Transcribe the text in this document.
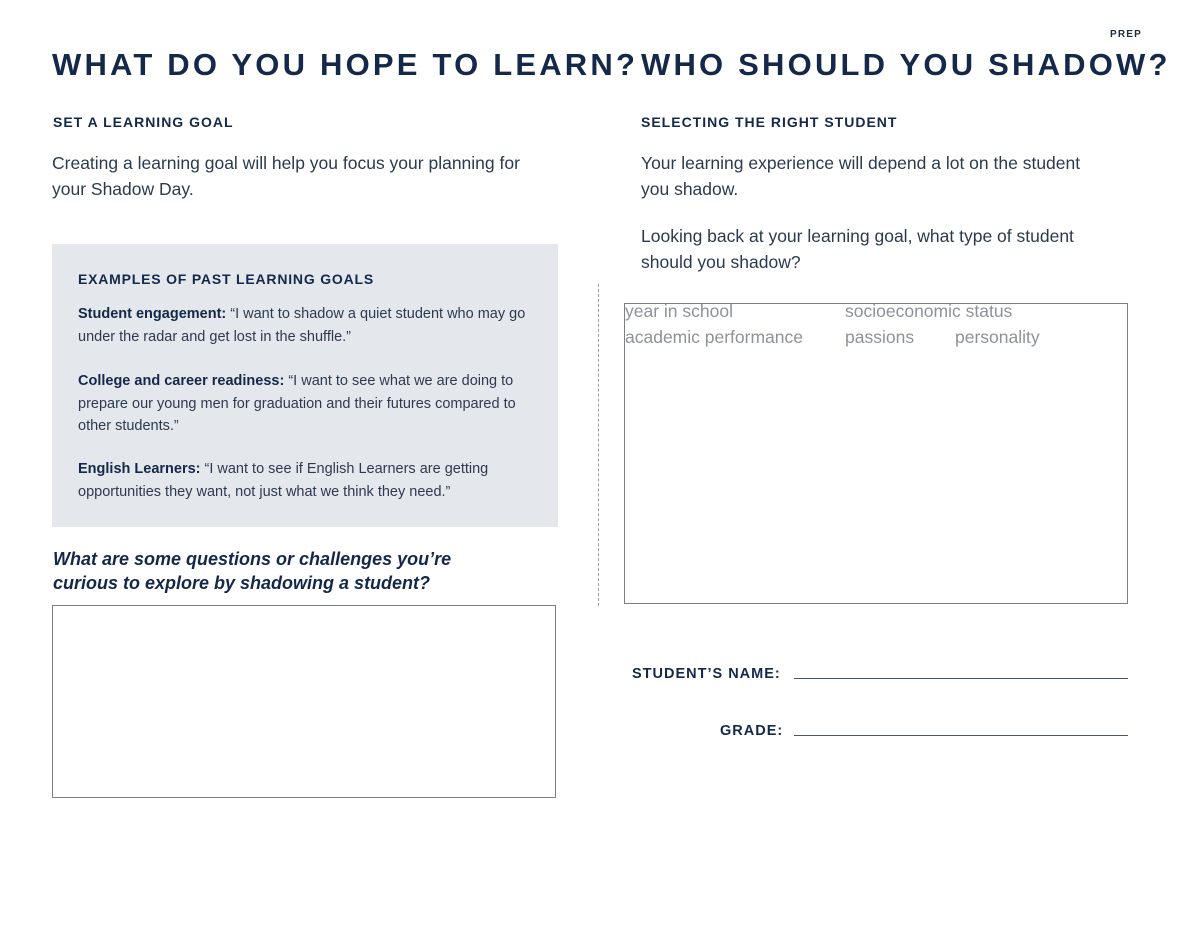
PREP
WHAT DO YOU HOPE TO LEARN?
SET A LEARNING GOAL
Creating a learning goal will help you focus your planning for your Shadow Day.
EXAMPLES OF PAST LEARNING GOALS
Student engagement: “I want to shadow a quiet student who may go under the radar and get lost in the shuffle.”
College and career readiness: “I want to see what we are doing to prepare our young men for graduation and their futures compared to other students.”
English Learners: “I want to see if English Learners are getting opportunities they want, not just what we think they need.”
What are some questions or challenges you’re curious to explore by shadowing a student?
WHO SHOULD YOU SHADOW?
SELECTING THE RIGHT STUDENT
Your learning experience will depend a lot on the student you shadow.
Looking back at your learning goal, what type of student should you shadow?
year in school	socioeconomic status
academic performance passions personality
STUDENT’S NAME:
GRADE:
